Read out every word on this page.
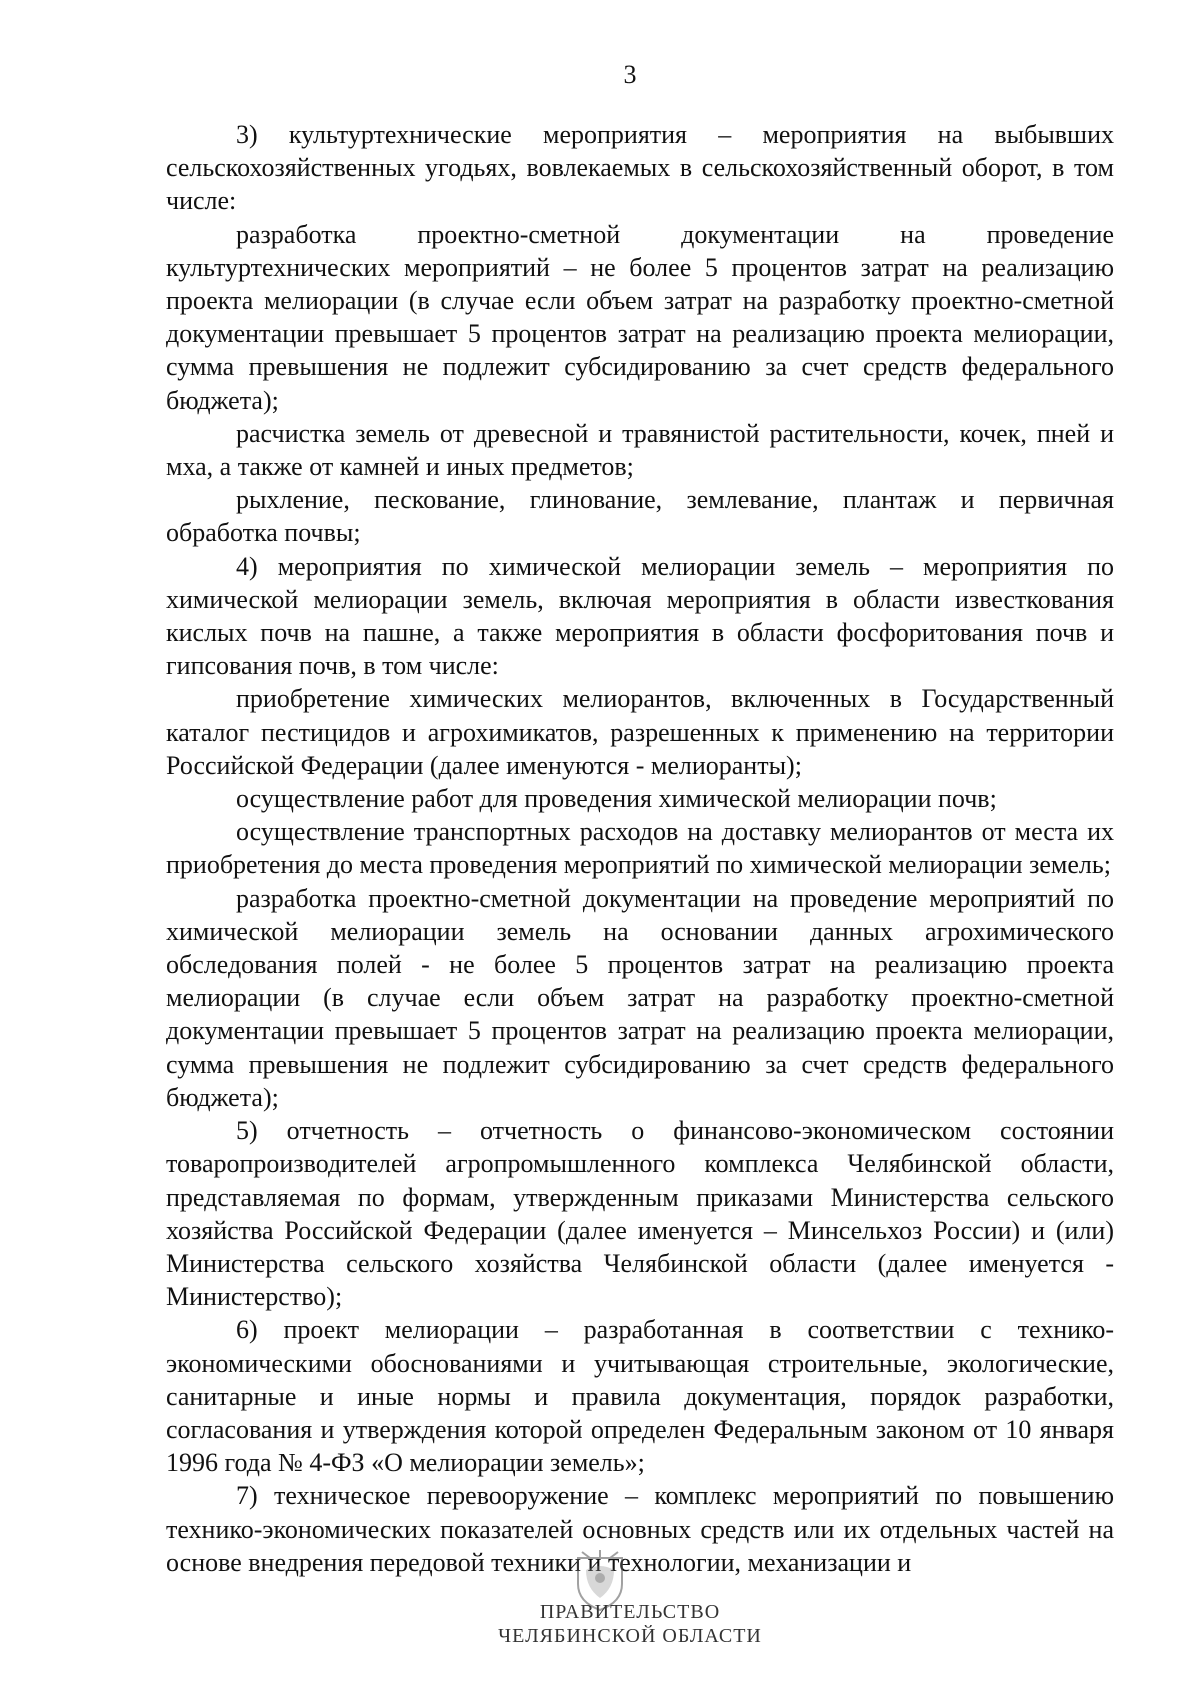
3

3) культуртехнические мероприятия – мероприятия на выбывших сельскохозяйственных угодьях, вовлекаемых в сельскохозяйственный оборот, в том числе:

разработка проектно-сметной документации на проведение культуртехнических мероприятий – не более 5 процентов затрат на реализацию проекта мелиорации (в случае если объем затрат на разработку проектно-сметной документации превышает 5 процентов затрат на реализацию проекта мелиорации, сумма превышения не подлежит субсидированию за счет средств федерального бюджета);

расчистка земель от древесной и травянистой растительности, кочек, пней и мха, а также от камней и иных предметов;

рыхление, пескование, глинование, землевание, плантаж и первичная обработка почвы;

4) мероприятия по химической мелиорации земель – мероприятия по химической мелиорации земель, включая мероприятия в области известкования кислых почв на пашне, а также мероприятия в области фосфоритования почв и гипсования почв, в том числе:

приобретение химических мелиорантов, включенных в Государственный каталог пестицидов и агрохимикатов, разрешенных к применению на территории Российской Федерации (далее именуются - мелиоранты);

осуществление работ для проведения химической мелиорации почв;

осуществление транспортных расходов на доставку мелиорантов от места их приобретения до места проведения мероприятий по химической мелиорации земель;

разработка проектно-сметной документации на проведение мероприятий по химической мелиорации земель на основании данных агрохимического обследования полей - не более 5 процентов затрат на реализацию проекта мелиорации (в случае если объем затрат на разработку проектно-сметной документации превышает 5 процентов затрат на реализацию проекта мелиорации, сумма превышения не подлежит субсидированию за счет средств федерального бюджета);

5) отчетность – отчетность о финансово-экономическом состоянии товаропроизводителей агропромышленного комплекса Челябинской области, представляемая по формам, утвержденным приказами Министерства сельского хозяйства Российской Федерации (далее именуется – Минсельхоз России) и (или) Министерства сельского хозяйства Челябинской области (далее именуется - Министерство);

6) проект мелиорации – разработанная в соответствии с технико-экономическими обоснованиями и учитывающая строительные, экологические, санитарные и иные нормы и правила документация, порядок разработки, согласования и утверждения которой определен Федеральным законом от 10 января 1996 года № 4-ФЗ «О мелиорации земель»;

7) техническое перевооружение – комплекс мероприятий по повышению технико-экономических показателей основных средств или их отдельных частей на основе внедрения передовой техники и технологии, механизации и

ПРАВИТЕЛЬСТВО
ЧЕЛЯБИНСКОЙ ОБЛАСТИ
